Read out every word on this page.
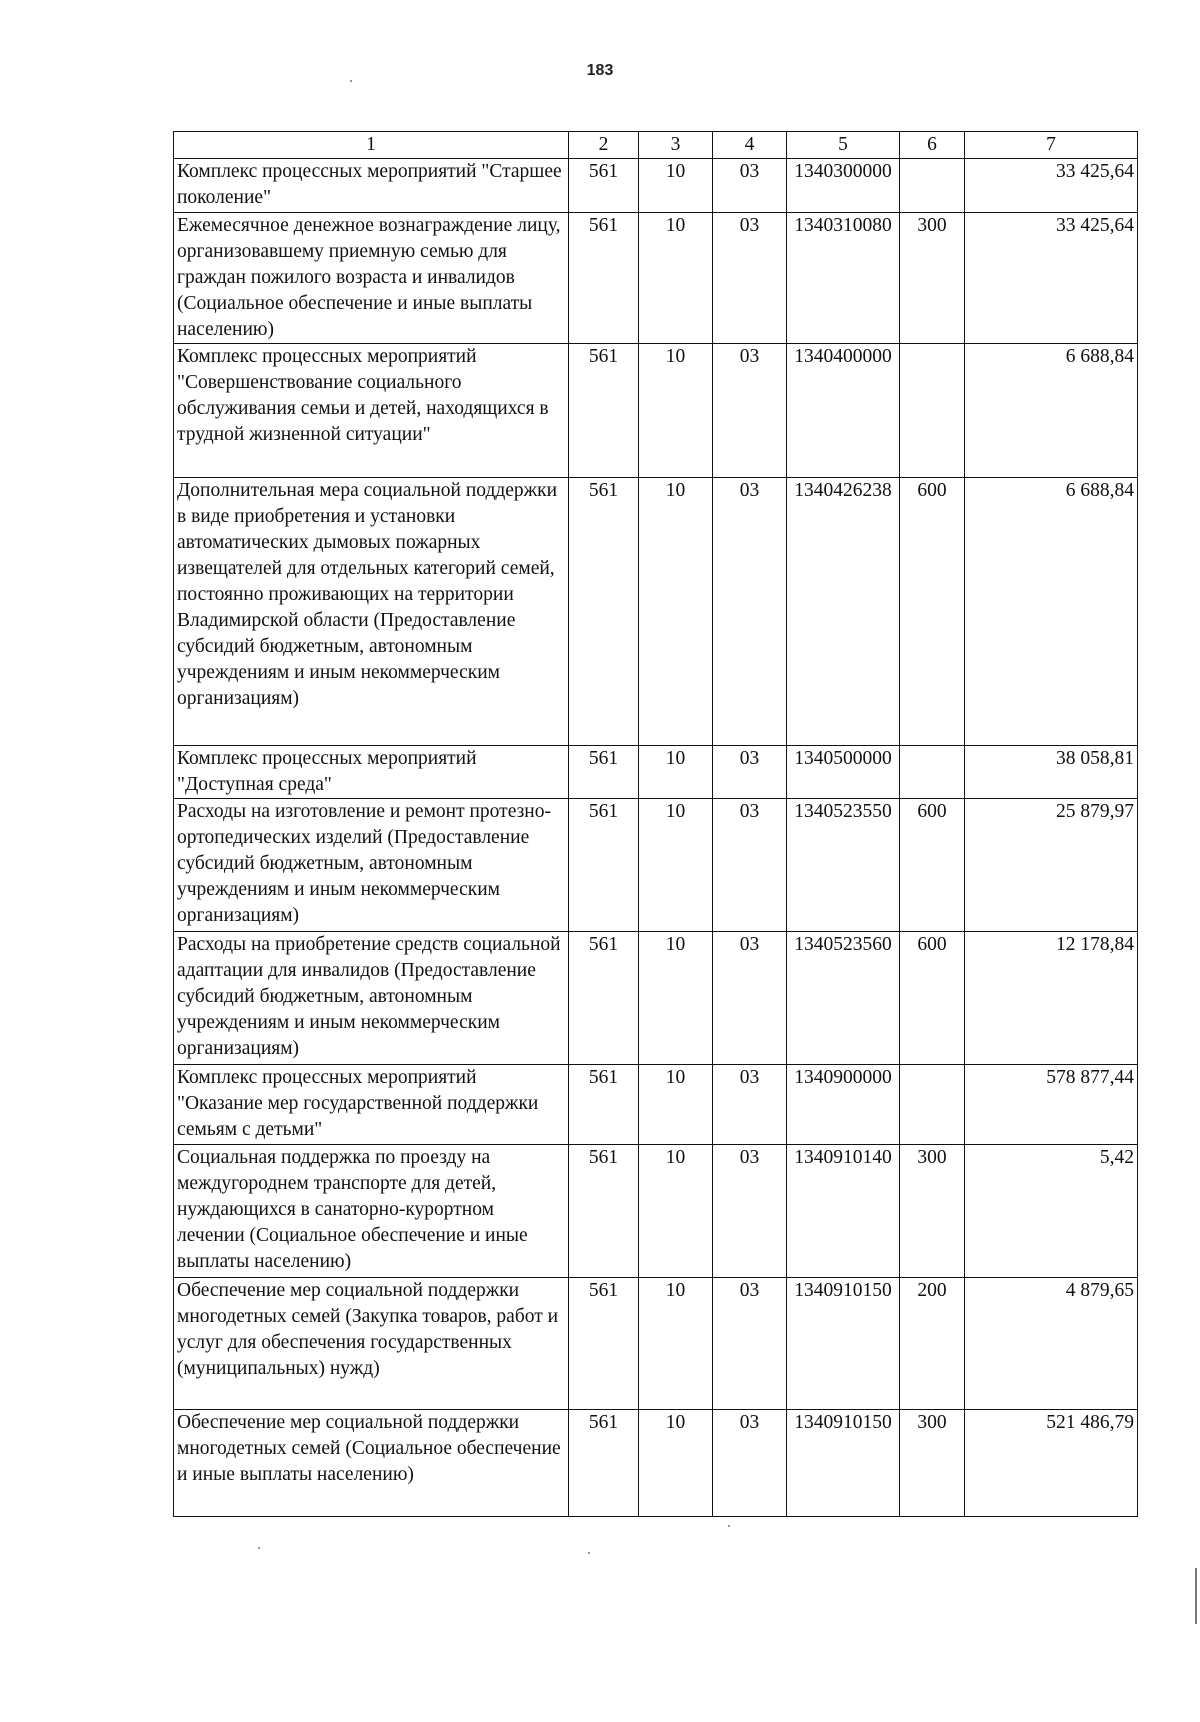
183
1	2	3	4	5	6	7
Комплекс процессных мероприятий "Старшее поколение"	561	10	03	1340300000		33 425,64
Ежемесячное денежное вознаграждение лицу, организовавшему приемную семью для граждан пожилого возраста и инвалидов (Социальное обеспечение и иные выплаты населению)	561	10	03	1340310080	300	33 425,64
Комплекс процессных мероприятий "Совершенствование социального обслуживания семьи и детей, находящихся в трудной жизненной ситуации"	561	10	03	1340400000		6 688,84
Дополнительная мера социальной поддержки в виде приобретения и установки автоматических дымовых пожарных извещателей для отдельных категорий семей, постоянно проживающих на территории Владимирской области (Предоставление субсидий бюджетным, автономным учреждениям и иным некоммерческим организациям)	561	10	03	1340426238	600	6 688,84
Комплекс процессных мероприятий "Доступная среда"	561	10	03	1340500000		38 058,81
Расходы на изготовление и ремонт протезно-ортопедических изделий (Предоставление субсидий бюджетным, автономным учреждениям и иным некоммерческим организациям)	561	10	03	1340523550	600	25 879,97
Расходы на приобретение средств социальной адаптации для инвалидов (Предоставление субсидий бюджетным, автономным учреждениям и иным некоммерческим организациям)	561	10	03	1340523560	600	12 178,84
Комплекс процессных мероприятий "Оказание мер государственной поддержки семьям с детьми"	561	10	03	1340900000		578 877,44
Социальная поддержка по проезду на междугороднем транспорте для детей, нуждающихся в санаторно-курортном лечении (Социальное обеспечение и иные выплаты населению)	561	10	03	1340910140	300	5,42
Обеспечение мер социальной поддержки многодетных семей (Закупка товаров, работ и услуг для обеспечения государственных (муниципальных) нужд)	561	10	03	1340910150	200	4 879,65
Обеспечение мер социальной поддержки многодетных семей (Социальное обеспечение и иные выплаты населению)	561	10	03	1340910150	300	521 486,79
